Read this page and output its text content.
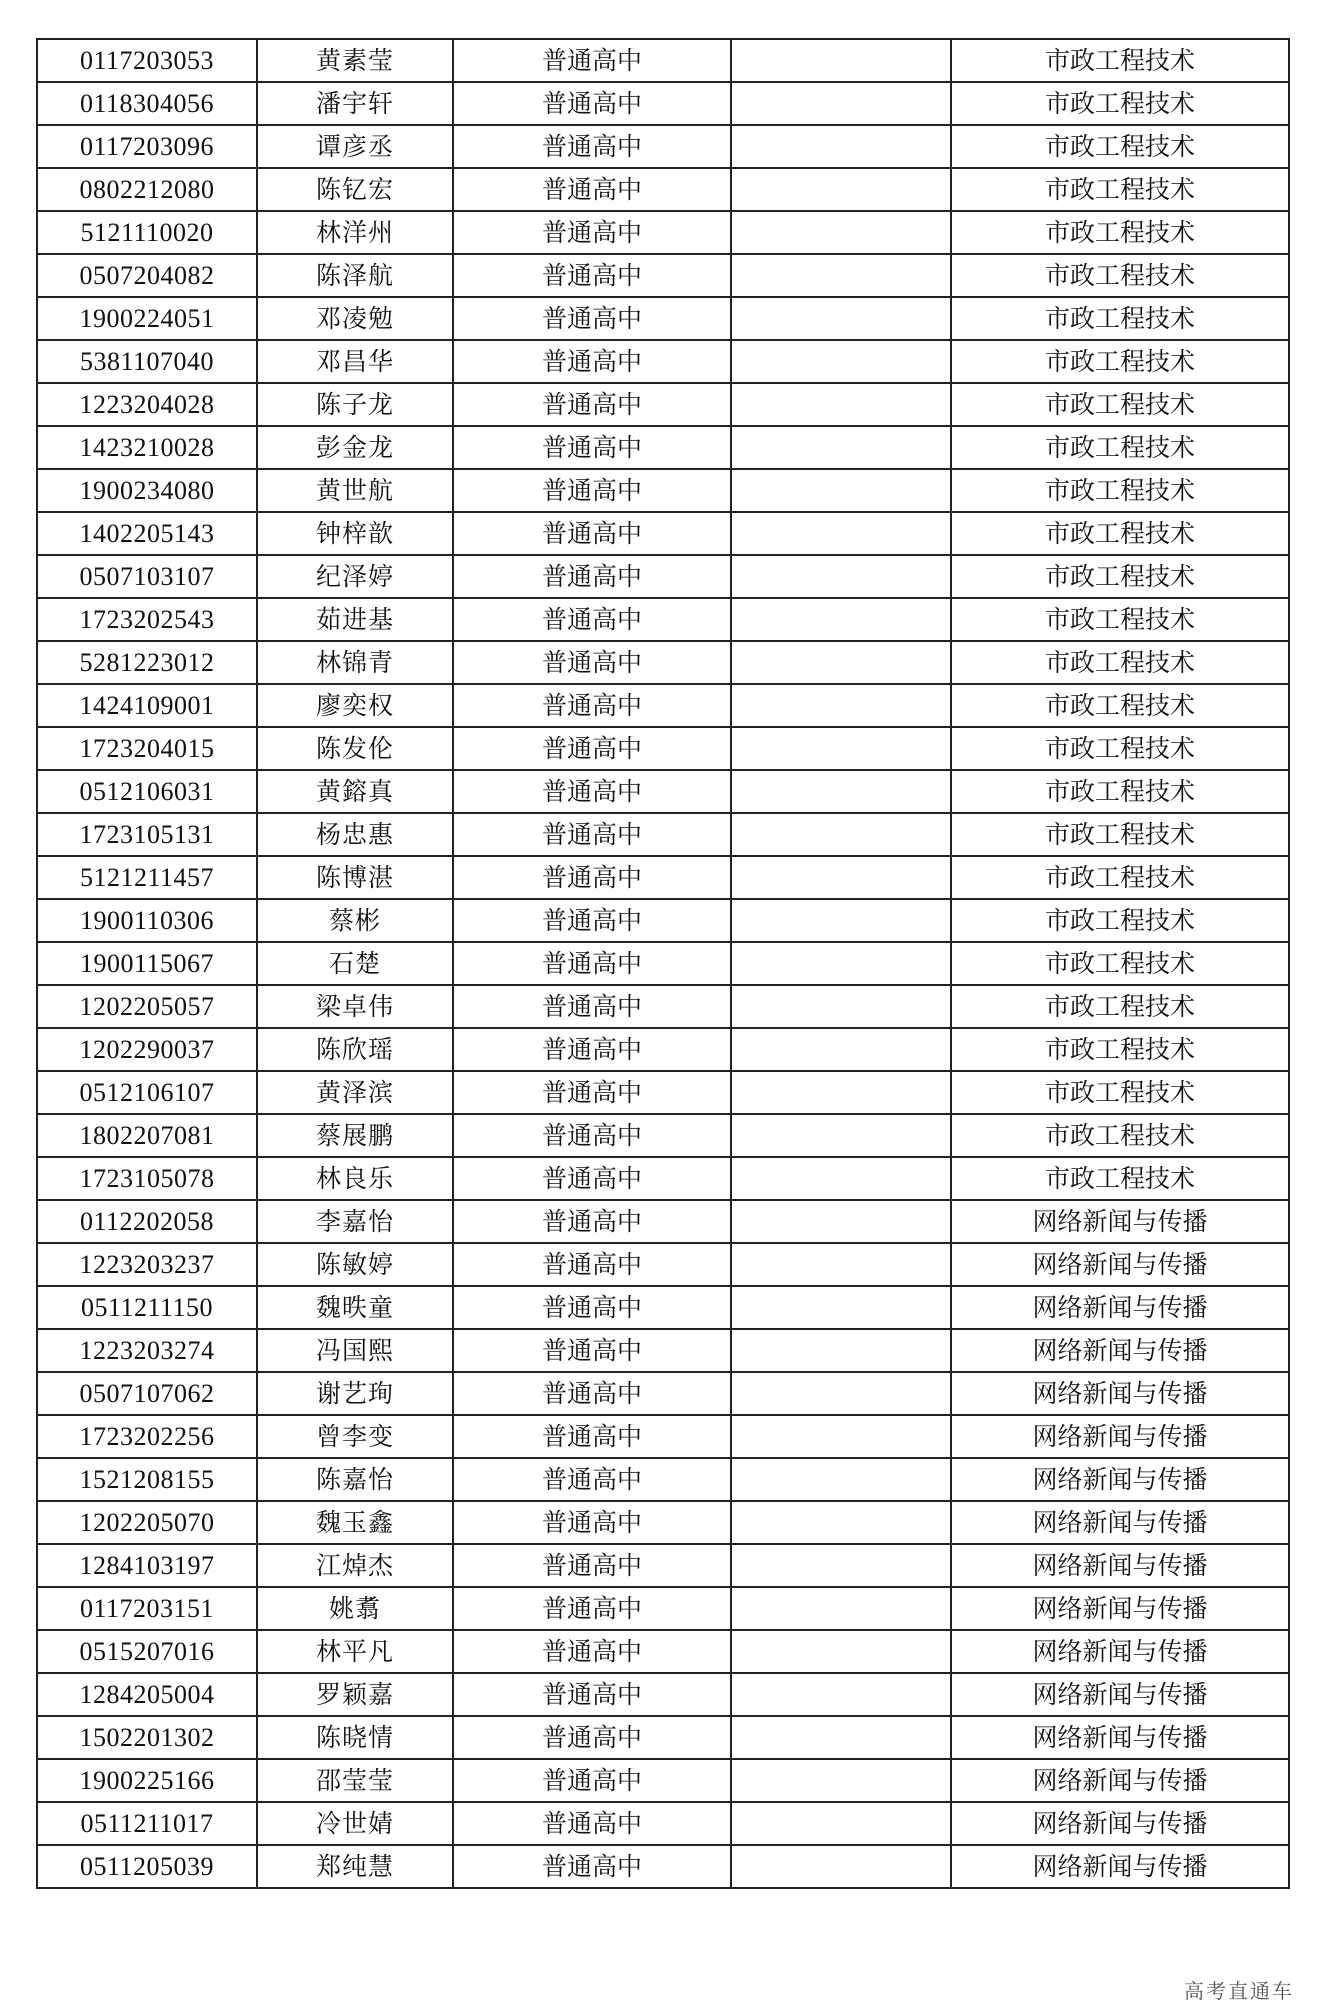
0117203053	黄素莹	普通高中		市政工程技术
0118304056	潘宇轩	普通高中		市政工程技术
0117203096	谭彦丞	普通高中		市政工程技术
0802212080	陈钇宏	普通高中		市政工程技术
5121110020	林洋州	普通高中		市政工程技术
0507204082	陈泽航	普通高中		市政工程技术
1900224051	邓凌勉	普通高中		市政工程技术
5381107040	邓昌华	普通高中		市政工程技术
1223204028	陈子龙	普通高中		市政工程技术
1423210028	彭金龙	普通高中		市政工程技术
1900234080	黄世航	普通高中		市政工程技术
1402205143	钟梓歆	普通高中		市政工程技术
0507103107	纪泽婷	普通高中		市政工程技术
1723202543	茹进基	普通高中		市政工程技术
5281223012	林锦青	普通高中		市政工程技术
1424109001	廖奕权	普通高中		市政工程技术
1723204015	陈发伦	普通高中		市政工程技术
0512106031	黄鎔真	普通高中		市政工程技术
1723105131	杨忠惠	普通高中		市政工程技术
5121211457	陈博湛	普通高中		市政工程技术
1900110306	蔡彬	普通高中		市政工程技术
1900115067	石楚	普通高中		市政工程技术
1202205057	梁卓伟	普通高中		市政工程技术
1202290037	陈欣瑶	普通高中		市政工程技术
0512106107	黄泽滨	普通高中		市政工程技术
1802207081	蔡展鹏	普通高中		市政工程技术
1723105078	林良乐	普通高中		市政工程技术
0112202058	李嘉怡	普通高中		网络新闻与传播
1223203237	陈敏婷	普通高中		网络新闻与传播
0511211150	魏昳童	普通高中		网络新闻与传播
1223203274	冯国熙	普通高中		网络新闻与传播
0507107062	谢艺珣	普通高中		网络新闻与传播
1723202256	曾李变	普通高中		网络新闻与传播
1521208155	陈嘉怡	普通高中		网络新闻与传播
1202205070	魏玉鑫	普通高中		网络新闻与传播
1284103197	江焯杰	普通高中		网络新闻与传播
0117203151	姚翥	普通高中		网络新闻与传播
0515207016	林平凡	普通高中		网络新闻与传播
1284205004	罗颖嘉	普通高中		网络新闻与传播
1502201302	陈晓情	普通高中		网络新闻与传播
1900225166	邵莹莹	普通高中		网络新闻与传播
0511211017	冷世婧	普通高中		网络新闻与传播
0511205039	郑纯慧	普通高中		网络新闻与传播
高考直通车
